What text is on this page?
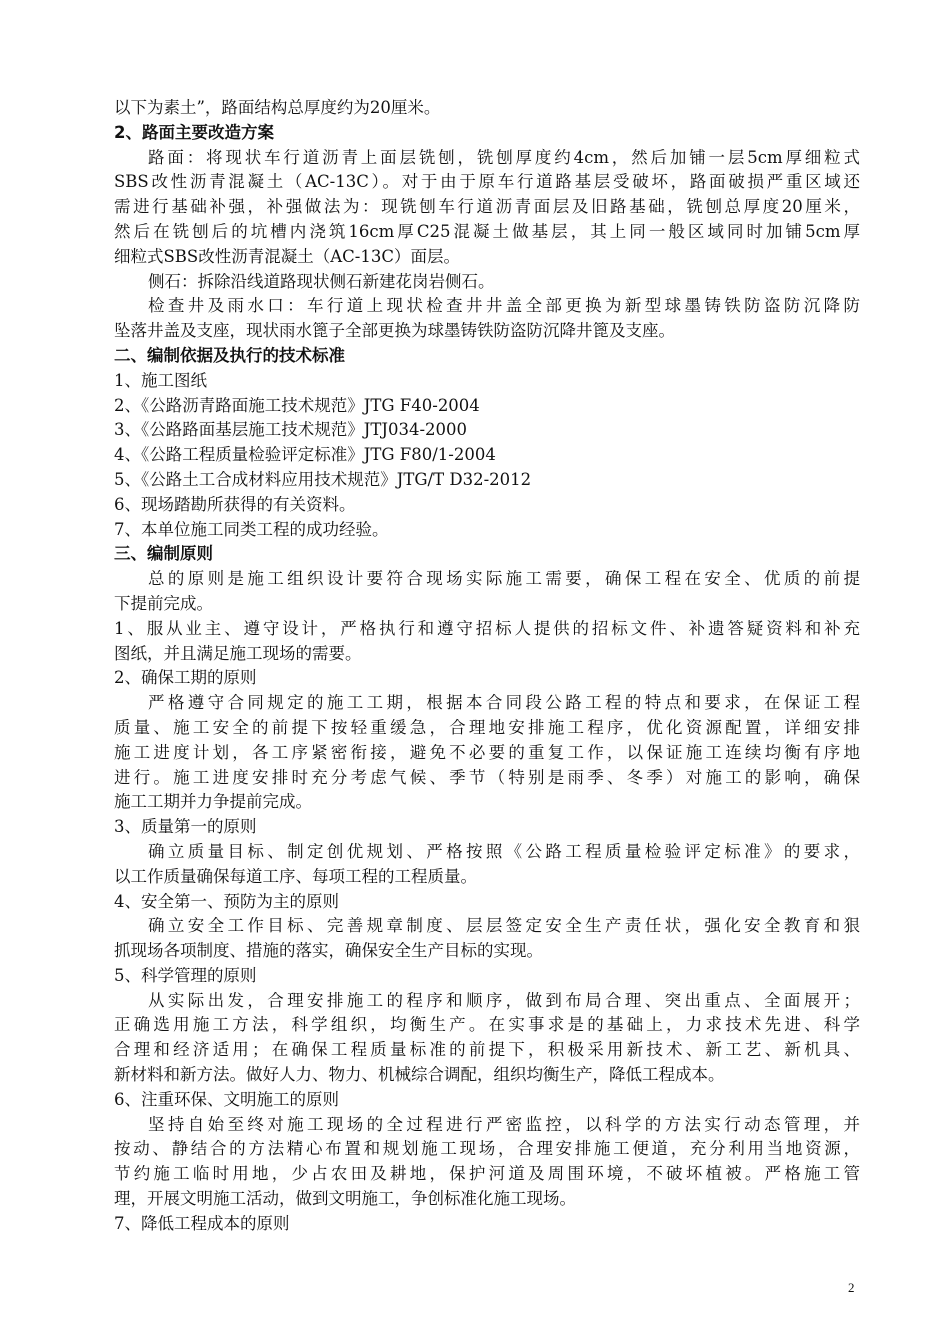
以下为素土”，路面结构总厚度约为20厘米。
2、路面主要改造方案
路面：将现状车行道沥青上面层铣刨，铣刨厚度约4cm，然后加铺一层5cm厚细粒式
SBS改性沥青混凝土（AC-13C）。对于由于原车行道路基层受破坏，路面破损严重区域还
需进行基础补强，补强做法为：现铣刨车行道沥青面层及旧路基础，铣刨总厚度20厘米，
然后在铣刨后的坑槽内浇筑16cm厚C25混凝土做基层，其上同一般区域同时加铺5cm厚
细粒式SBS改性沥青混凝土（AC-13C）面层。
侧石：拆除沿线道路现状侧石新建花岗岩侧石。
检查井及雨水口：车行道上现状检查井井盖全部更换为新型球墨铸铁防盗防沉降防
坠落井盖及支座，现状雨水篦子全部更换为球墨铸铁防盗防沉降井篦及支座。
二、编制依据及执行的技术标准
1、施工图纸
2、《公路沥青路面施工技术规范》JTG F40-2004
3、《公路路面基层施工技术规范》JTJ034-2000
4、《公路工程质量检验评定标准》JTG F80/1-2004
5、《公路土工合成材料应用技术规范》JTG/T D32-2012
6、现场踏勘所获得的有关资料。
7、本单位施工同类工程的成功经验。
三、编制原则
总的原则是施工组织设计要符合现场实际施工需要，确保工程在安全、优质的前提
下提前完成。
1、服从业主、遵守设计，严格执行和遵守招标人提供的招标文件、补遗答疑资料和补充
图纸，并且满足施工现场的需要。
2、确保工期的原则
严格遵守合同规定的施工工期，根据本合同段公路工程的特点和要求，在保证工程
质量、施工安全的前提下按轻重缓急，合理地安排施工程序，优化资源配置，详细安排
施工进度计划，各工序紧密衔接，避免不必要的重复工作，以保证施工连续均衡有序地
进行。施工进度安排时充分考虑气候、季节（特别是雨季、冬季）对施工的影响，确保
施工工期并力争提前完成。
3、质量第一的原则
确立质量目标、制定创优规划、严格按照《公路工程质量检验评定标准》的要求，
以工作质量确保每道工序、每项工程的工程质量。
4、安全第一、预防为主的原则
确立安全工作目标、完善规章制度、层层签定安全生产责任状，强化安全教育和狠
抓现场各项制度、措施的落实，确保安全生产目标的实现。
5、科学管理的原则
从实际出发，合理安排施工的程序和顺序，做到布局合理、突出重点、全面展开；
正确选用施工方法，科学组织，均衡生产。在实事求是的基础上，力求技术先进、科学
合理和经济适用；在确保工程质量标准的前提下，积极采用新技术、新工艺、新机具、
新材料和新方法。做好人力、物力、机械综合调配，组织均衡生产，降低工程成本。
6、注重环保、文明施工的原则
坚持自始至终对施工现场的全过程进行严密监控，以科学的方法实行动态管理，并
按动、静结合的方法精心布置和规划施工现场，合理安排施工便道，充分利用当地资源，
节约施工临时用地，少占农田及耕地，保护河道及周围环境，不破坏植被。严格施工管
理，开展文明施工活动，做到文明施工，争创标准化施工现场。
7、降低工程成本的原则
2
